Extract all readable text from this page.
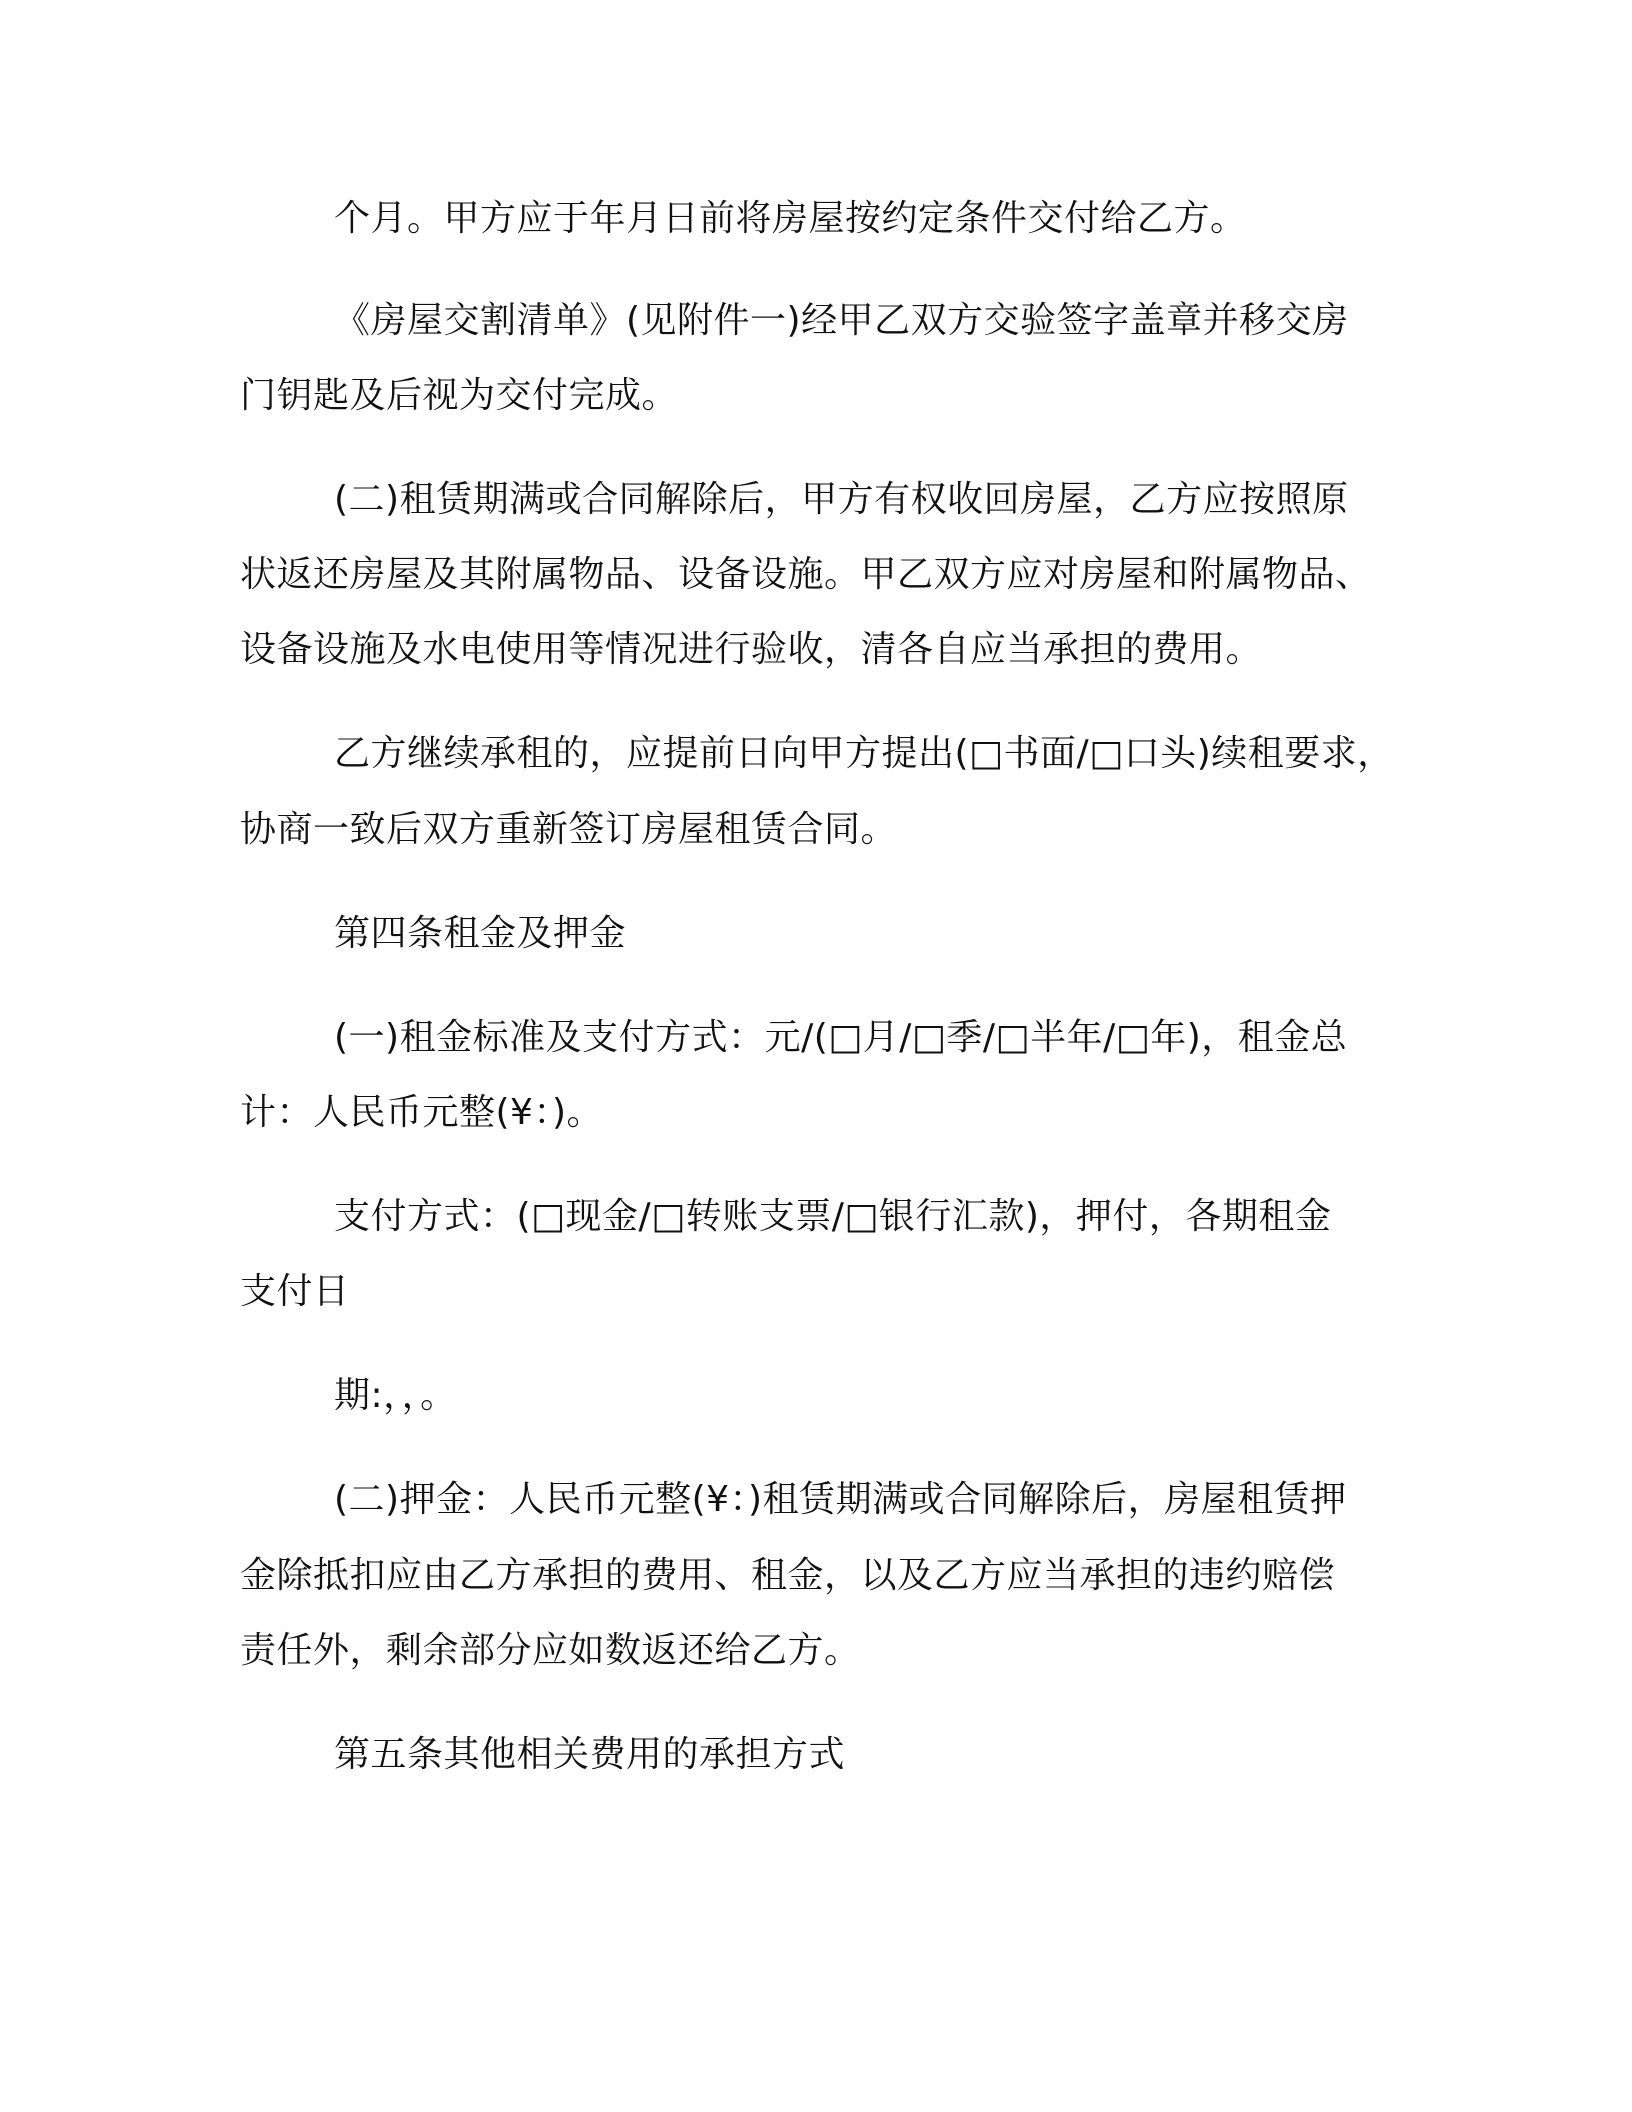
个月。甲方应于年月日前将房屋按约定条件交付给乙方。
《房屋交割清单》(见附件一)经甲乙双方交验签字盖章并移交房
门钥匙及后视为交付完成。
(二)租赁期满或合同解除后，甲方有权收回房屋，乙方应按照原
状返还房屋及其附属物品、设备设施。甲乙双方应对房屋和附属物品、
设备设施及水电使用等情况进行验收，清各自应当承担的费用。
乙方继续承租的，应提前日向甲方提出(□书面/□口头)续租要求，
协商一致后双方重新签订房屋租赁合同。
第四条租金及押金
(一)租金标准及支付方式：元/(□月/□季/□半年/□年)，租金总
计：人民币元整(¥：)。
支付方式：(□现金/□转账支票/□银行汇款)，押付，各期租金
支付日
期:，，。
(二)押金：人民币元整(¥：)租赁期满或合同解除后，房屋租赁押
金除抵扣应由乙方承担的费用、租金，以及乙方应当承担的违约赔偿
责任外，剩余部分应如数返还给乙方。
第五条其他相关费用的承担方式
